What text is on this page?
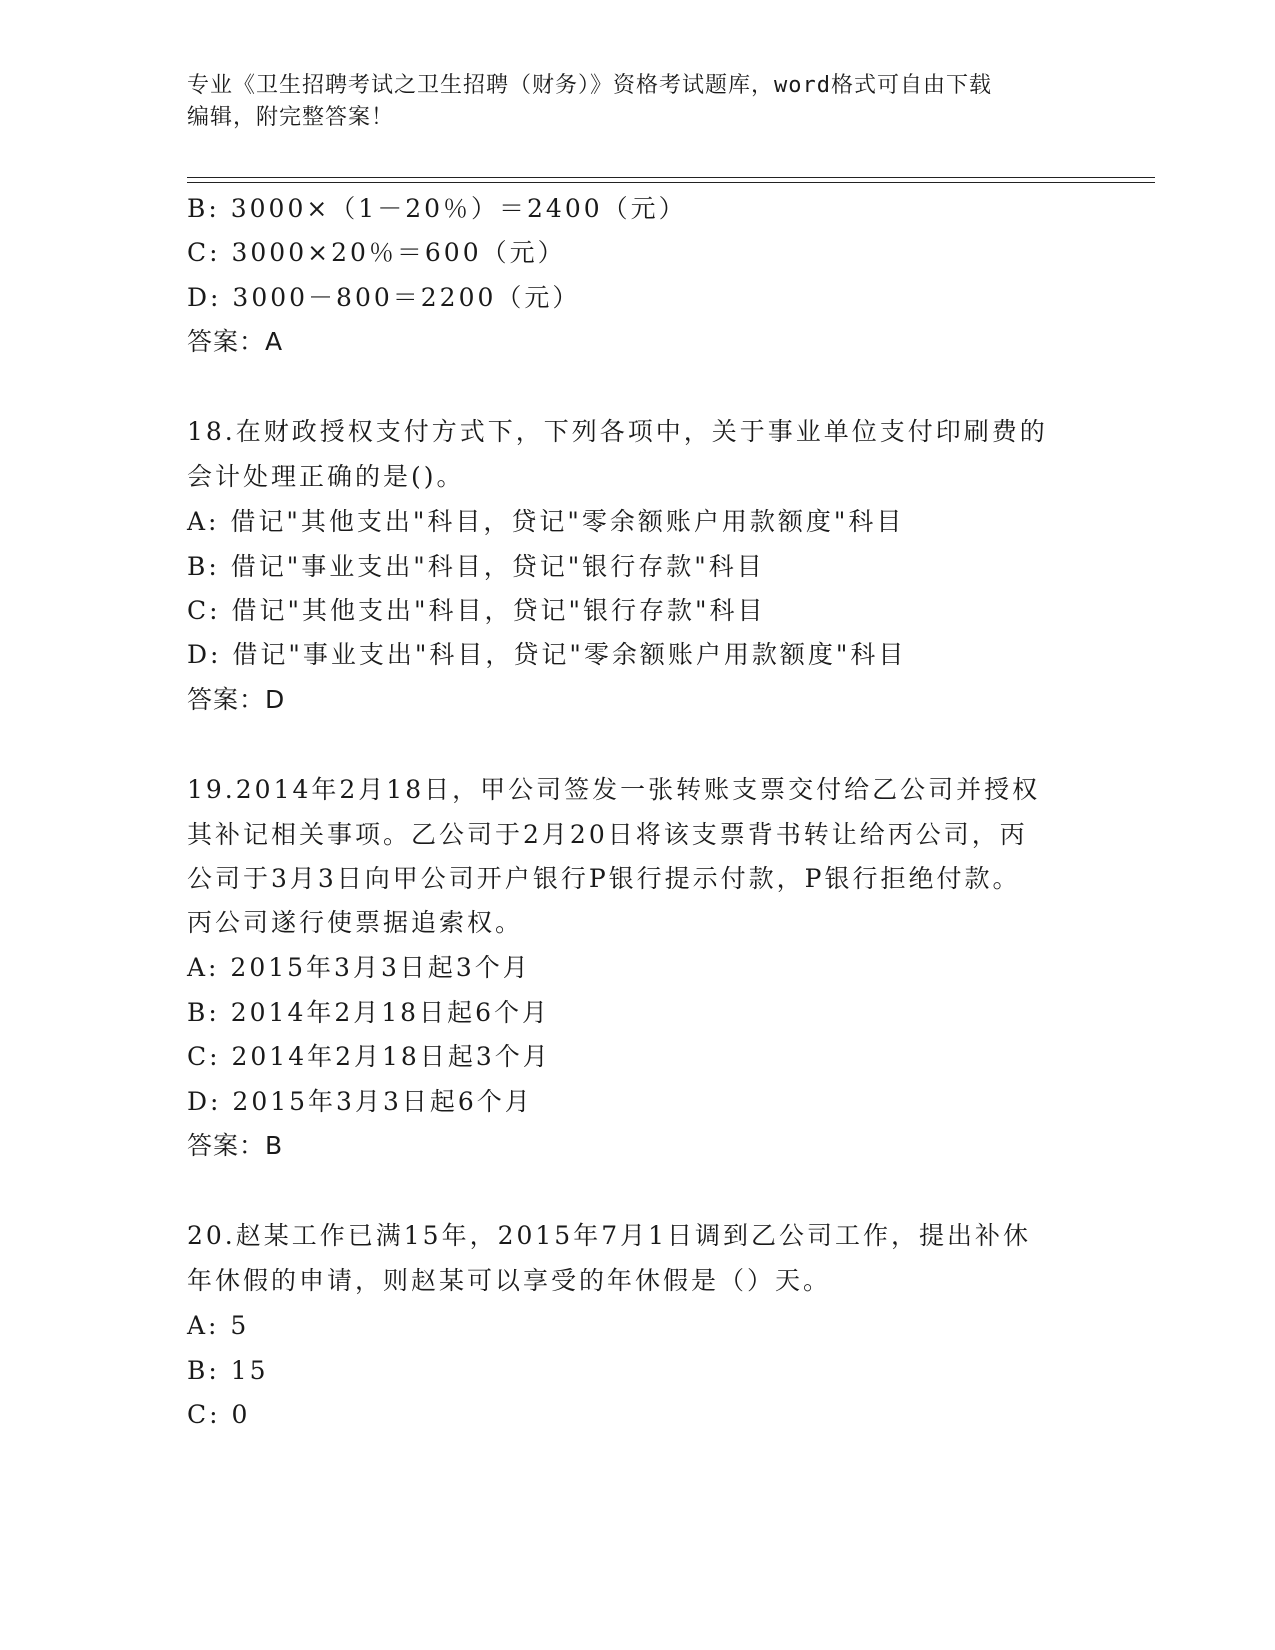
专业《卫生招聘考试之卫生招聘（财务）》资格考试题库，word格式可自由下载
编辑，附完整答案！
B: 3000×（1－20％）＝2400（元）
C: 3000×20％＝600（元）
D: 3000－800＝2200（元）
答案：A
18.在财政授权支付方式下，下列各项中，关于事业单位支付印刷费的
会计处理正确的是()。
A: 借记"其他支出"科目，贷记"零余额账户用款额度"科目
B: 借记"事业支出"科目，贷记"银行存款"科目
C: 借记"其他支出"科目，贷记"银行存款"科目
D: 借记"事业支出"科目，贷记"零余额账户用款额度"科目
答案：D
19.2014年2月18日，甲公司签发一张转账支票交付给乙公司并授权
其补记相关事项。乙公司于2月20日将该支票背书转让给丙公司，丙
公司于3月3日向甲公司开户银行P银行提示付款，P银行拒绝付款。
丙公司遂行使票据追索权。
A: 2015年3月3日起3个月
B: 2014年2月18日起6个月
C: 2014年2月18日起3个月
D: 2015年3月3日起6个月
答案：B
20.赵某工作已满15年，2015年7月1日调到乙公司工作，提出补休
年休假的申请，则赵某可以享受的年休假是（）天。
A: 5
B: 15
C: 0
